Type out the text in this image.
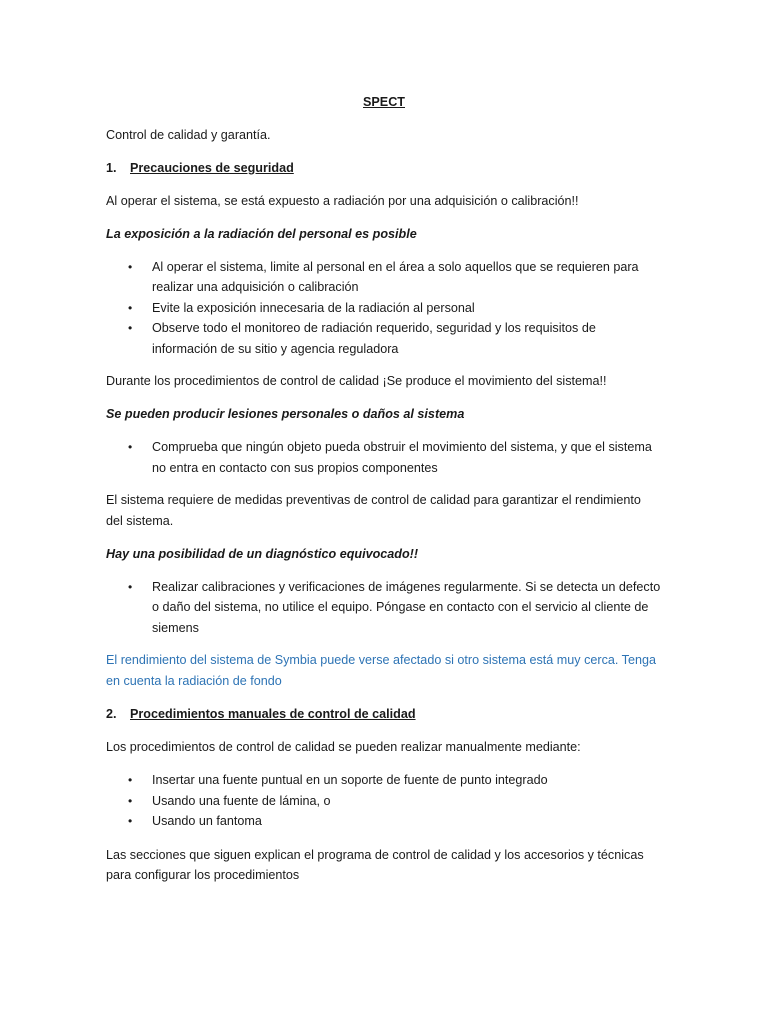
SPECT
Control de calidad y garantía.
1. Precauciones de seguridad
Al operar el sistema, se está expuesto a radiación por una adquisición o calibración!!
La exposición a la radiación del personal es posible
• Al operar el sistema, limite al personal en el área a solo aquellos que se requieren para
realizar una adquisición o calibración
• Evite la exposición innecesaria de la radiación al personal
• Observe todo el monitoreo de radiación requerido, seguridad y los requisitos de
información de su sitio y agencia reguladora
Durante los procedimientos de control de calidad ¡Se produce el movimiento del sistema!!
Se pueden producir lesiones personales o daños al sistema
• Comprueba que ningún objeto pueda obstruir el movimiento del sistema, y que el sistema
no entra en contacto con sus propios componentes
El sistema requiere de medidas preventivas de control de calidad para garantizar el rendimiento
del sistema.
Hay una posibilidad de un diagnóstico equivocado!!
• Realizar calibraciones y verificaciones de imágenes regularmente. Si se detecta un defecto
o daño del sistema, no utilice el equipo. Póngase en contacto con el servicio al cliente de
siemens
El rendimiento del sistema de Symbia puede verse afectado si otro sistema está muy cerca. Tenga
en cuenta la radiación de fondo
2. Procedimientos manuales de control de calidad
Los procedimientos de control de calidad se pueden realizar manualmente mediante:
• Insertar una fuente puntual en un soporte de fuente de punto integrado
• Usando una fuente de lámina, o
• Usando un fantoma
Las secciones que siguen explican el programa de control de calidad y los accesorios y técnicas
para configurar los procedimientos
